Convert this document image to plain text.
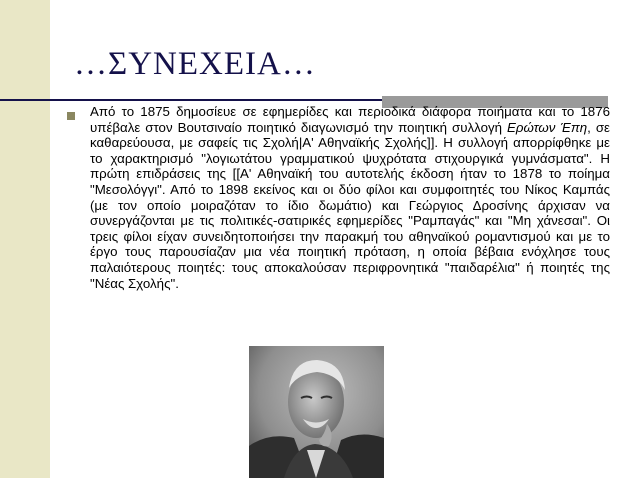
…ΣΥΝΕΧΕΙΑ…
Από το 1875 δημοσίευε σε εφημερίδες και περιοδικά διάφορα ποιήματα και το 1876 υπέβαλε στον Βουτσιναίο ποιητικό διαγωνισμό την ποιητική συλλογή Ερώτων Έπη, σε καθαρεύουσα, με σαφείς τις Σχολή|Α' Αθηναϊκής Σχολής]]. Η συλλογή απορρίφθηκε με το χαρακτηρισμό "λογιωτάτου γραμματικού ψυχρότατα στιχουργικά γυμνάσματα". Η πρώτη επιδράσεις της [[Α' Αθηναϊκή του αυτοτελής έκδοση ήταν το 1878 το ποίημα "Μεσολόγγι". Από το 1898 εκείνος και οι δύο φίλοι και συμφοιτητές του Νίκος Καμπάς (με τον οποίο μοιραζόταν το ίδιο δωμάτιο) και Γεώργιος Δροσίνης άρχισαν να συνεργάζονται με τις πολιτικές-σατιρικές εφημερίδες "Ραμπαγάς" και "Μη χάνεσαι". Οι τρεις φίλοι είχαν συνειδητοποιήσει την παρακμή του αθηναϊκού ρομαντισμού και με το έργο τους παρουσίαζαν μια νέα ποιητική πρόταση, η οποία βέβαια ενόχλησε τους παλαιότερους ποιητές: τους αποκαλούσαν περιφρονητικά "παιδαρέλια" ή ποιητές της "Νέας Σχολής".
